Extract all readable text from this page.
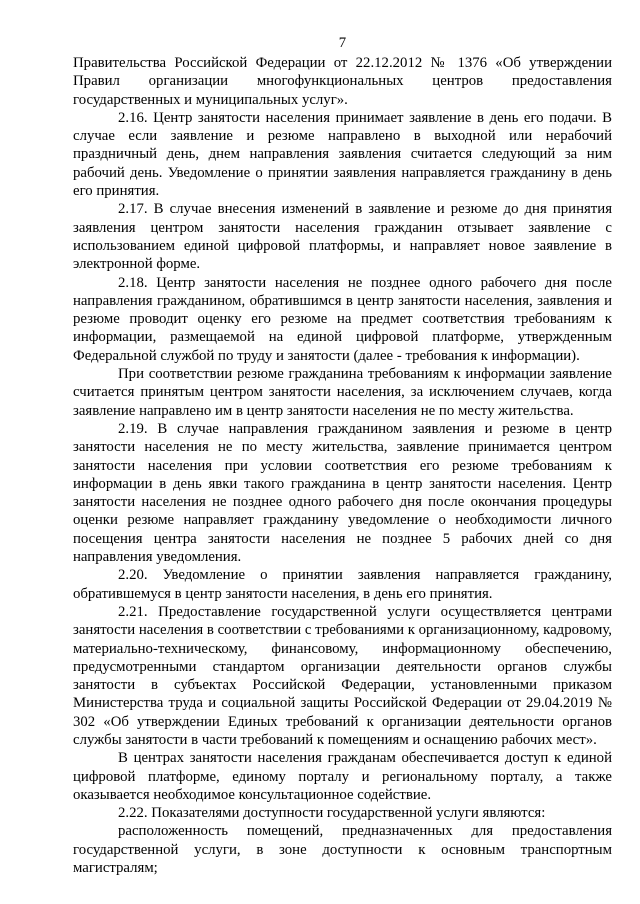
7

Правительства Российской Федерации от 22.12.2012 № 1376 «Об утверждении Правил организации многофункциональных центров предоставления государственных и муниципальных услуг».

2.16. Центр занятости населения принимает заявление в день его подачи. В случае если заявление и резюме направлено в выходной или нерабочий праздничный день, днем направления заявления считается следующий за ним рабочий день. Уведомление о принятии заявления направляется гражданину в день его принятия.

2.17. В случае внесения изменений в заявление и резюме до дня принятия заявления центром занятости населения гражданин отзывает заявление с использованием единой цифровой платформы, и направляет новое заявление в электронной форме.

2.18. Центр занятости населения не позднее одного рабочего дня после направления гражданином, обратившимся в центр занятости населения, заявления и резюме проводит оценку его резюме на предмет соответствия требованиям к информации, размещаемой на единой цифровой платформе, утвержденным Федеральной службой по труду и занятости (далее - требования к информации).

При соответствии резюме гражданина требованиям к информации заявление считается принятым центром занятости населения, за исключением случаев, когда заявление направлено им в центр занятости населения не по месту жительства.

2.19. В случае направления гражданином заявления и резюме в центр занятости населения не по месту жительства, заявление принимается центром занятости населения при условии соответствия его резюме требованиям к информации в день явки такого гражданина в центр занятости населения. Центр занятости населения не позднее одного рабочего дня после окончания процедуры оценки резюме направляет гражданину уведомление о необходимости личного посещения центра занятости населения не позднее 5 рабочих дней со дня направления уведомления.

2.20. Уведомление о принятии заявления направляется гражданину, обратившемуся в центр занятости населения, в день его принятия.

2.21. Предоставление государственной услуги осуществляется центрами занятости населения в соответствии с требованиями к организационному, кадровому, материально-техническому, финансовому, информационному обеспечению, предусмотренными стандартом организации деятельности органов службы занятости в субъектах Российской Федерации, установленными приказом Министерства труда и социальной защиты Российской Федерации от 29.04.2019 № 302 «Об утверждении Единых требований к организации деятельности органов службы занятости в части требований к помещениям и оснащению рабочих мест».

В центрах занятости населения гражданам обеспечивается доступ к единой цифровой платформе, единому порталу и региональному порталу, а также оказывается необходимое консультационное содействие.

2.22. Показателями доступности государственной услуги являются:

расположенность помещений, предназначенных для предоставления государственной услуги, в зоне доступности к основным транспортным магистралям;
